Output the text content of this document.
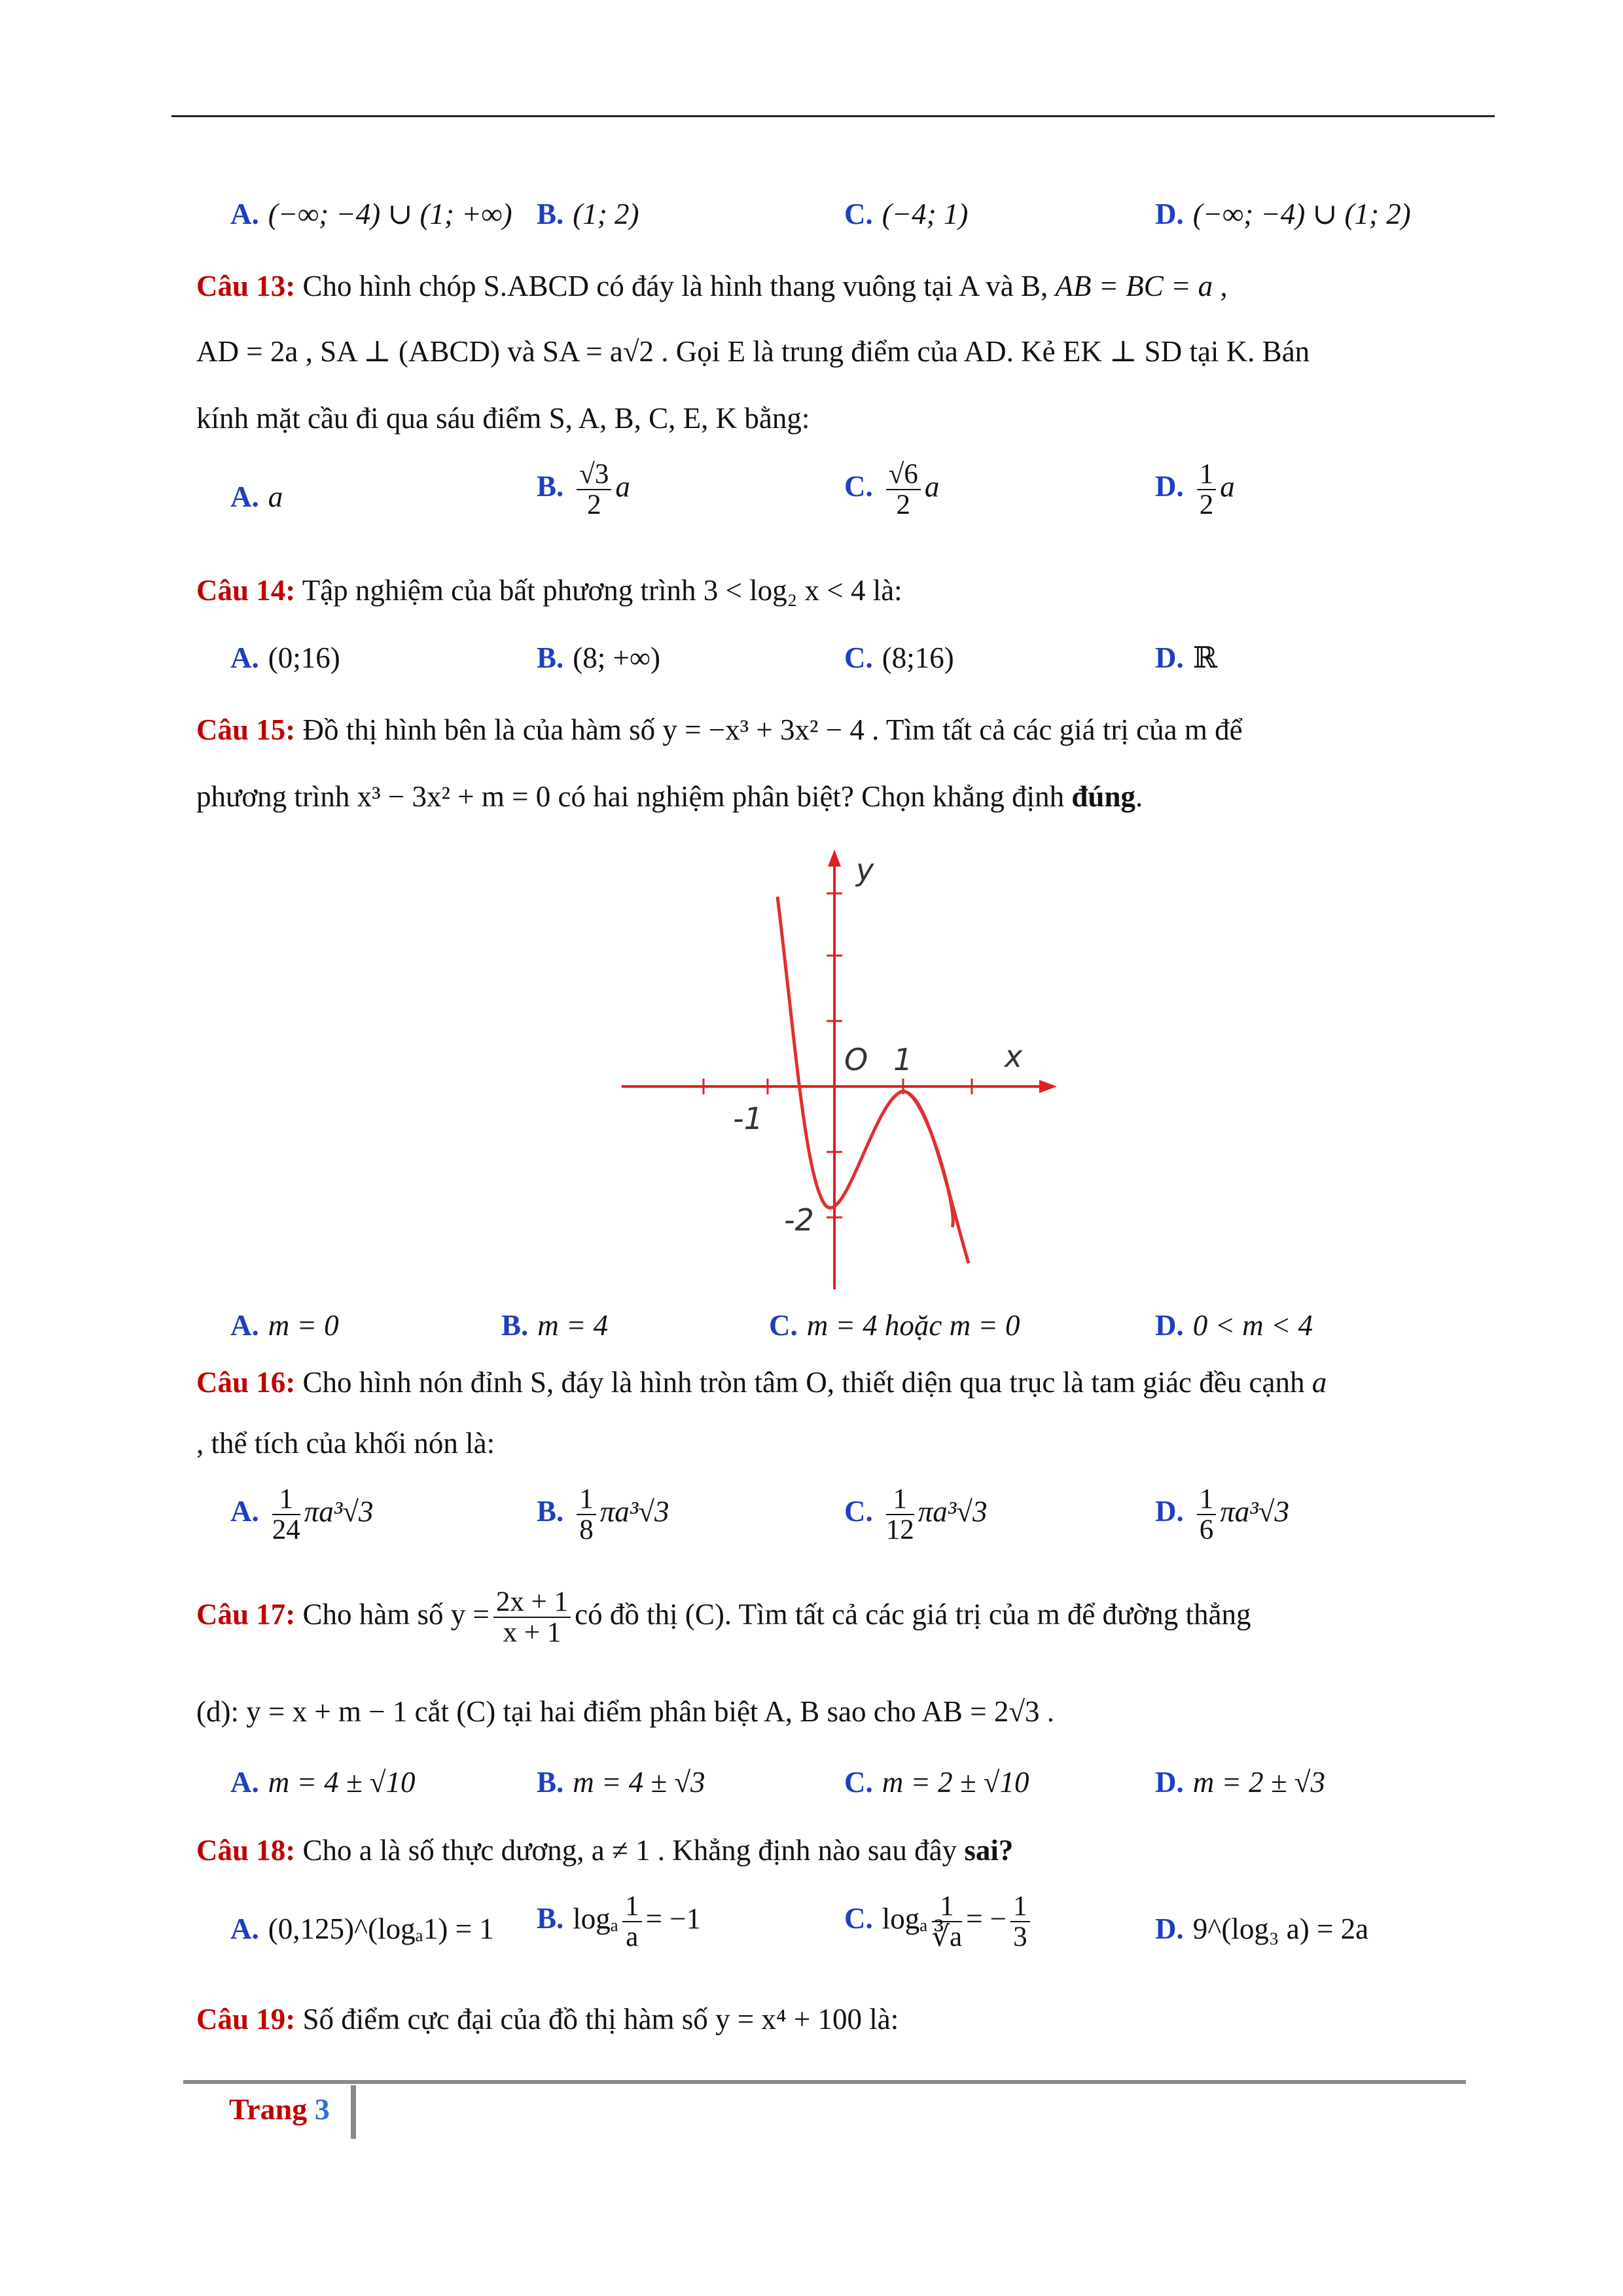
A. (−∞; −4) ∪ (1; +∞) B. (1; 2)	C. (−4; 1)	D. (−∞; −4) ∪ (1; 2)
Câu 13: Cho hình chóp S.ABCD có đáy là hình thang vuông tại A và B, AB = BC = a ,
AD = 2a , SA ⊥ (ABCD) và SA = a√2 . Gọi E là trung điểm của AD. Kẻ EK ⊥ SD tại K. Bán
kính mặt cầu đi qua sáu điểm S, A, B, C, E, K bằng:
A. a	B. $\frac{√3}{2}$ a	C. $\frac{√6}{2}$ a	D. $\frac{1}{2}$ a
Câu 14: Tập nghiệm của bất phương trình 3 < log₂ x < 4 là:
A. (0;16)	B. (8; +∞)	C. (8;16)	D. ℝ
Câu 15: Đồ thị hình bên là của hàm số y = −x³ + 3x² − 4 . Tìm tất cả các giá trị của m để
phương trình x³ − 3x² + m = 0 có hai nghiệm phân biệt? Chọn khẳng định đúng.
y
x
O 1
-1
-2
A. m = 0	B. m = 4	C. m = 4 hoặc m = 0	D. 0 < m < 4
Câu 16: Cho hình nón đỉnh S, đáy là hình tròn tâm O, thiết diện qua trục là tam giác đều cạnh a
, thể tích của khối nón là:
A. $\frac{1}{24} \pi a^3√3$	B. $\frac{1}{8} \pi a^3√3$	C. $\frac{1}{12} \pi a^3√3$	D. $\frac{1}{6} \pi a^3√3$
Câu 17: Cho hàm số $y = \frac{2x + 1}{x + 1}$ có đồ thị (C). Tìm tất cả các giá trị của m để đường thẳng
(d): y = x + m − 1 cắt (C) tại hai điểm phân biệt A, B sao cho AB = 2√3 .
A. m = 4 ± √10	B. m = 4 ± √3	C. m = 2 ± √10	D. m = 2 ± √3
Câu 18: Cho a là số thực dương, a ≠ 1 . Khẳng định nào sau đây sai?
A. (0,125)^(logₐ1) = 1 B. logₐ $\frac{1}{a} = -1$	C. logₐ $\frac{1}{∛a}$ = − $\frac{1}{3}$	D. 9^(log₃ a) = 2a
Câu 19: Số điểm cực đại của đồ thị hàm số y = x⁴ + 100 là:
Trang 3
